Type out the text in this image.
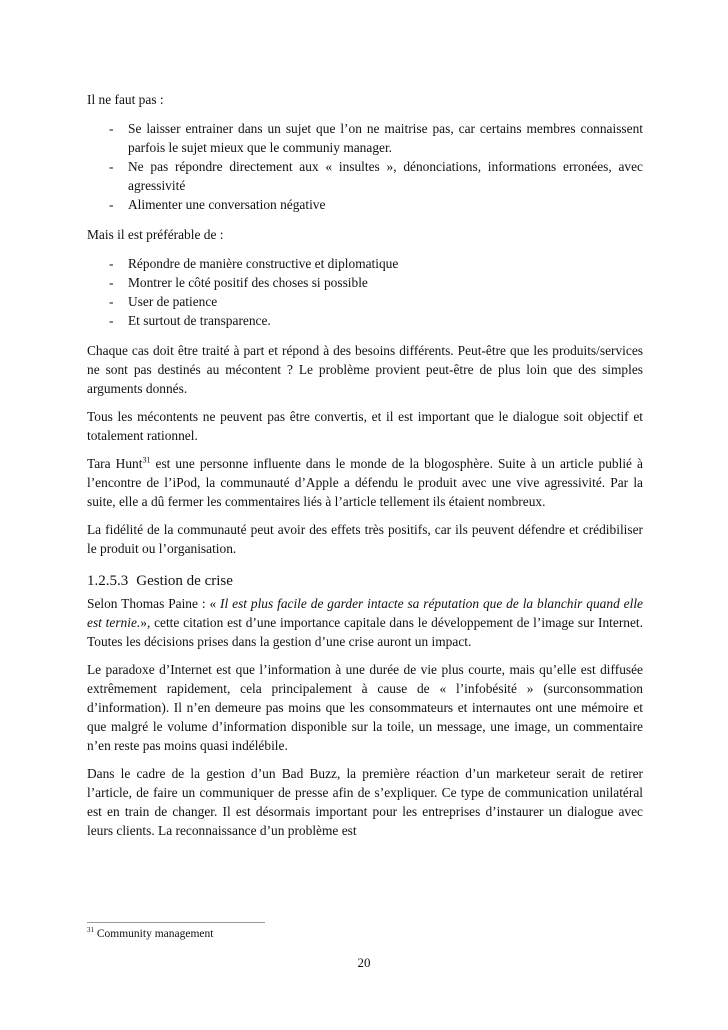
Il ne faut pas :

- Se laisser entrainer dans un sujet que l’on ne maitrise pas, car certains membres connaissent parfois le sujet mieux que le communiy manager.
- Ne pas répondre directement aux « insultes », dénonciations, informations erronées, avec agressivité
- Alimenter une conversation négative

Mais il est préférable de :

- Répondre de manière constructive et diplomatique
- Montrer le côté positif des choses si possible
- User de patience
- Et surtout de transparence.

Chaque cas doit être traité à part et répond à des besoins différents. Peut-être que les produits/services ne sont pas destinés au mécontent ? Le problème provient peut-être de plus loin que des simples arguments donnés.

Tous les mécontents ne peuvent pas être convertis, et il est important que le dialogue soit objectif et totalement rationnel.

Tara Hunt$^{31}$ est une personne influente dans le monde de la blogosphère. Suite à un article publié à l’encontre de l’iPod, la communauté d’Apple a défendu le produit avec une vive agressivité. Par la suite, elle a dû fermer les commentaires liés à l’article tellement ils étaient nombreux.

La fidélité de la communauté peut avoir des effets très positifs, car ils peuvent défendre et crédibiliser le produit ou l’organisation.

1.2.5.3 Gestion de crise

Selon Thomas Paine : « Il est plus facile de garder intacte sa réputation que de la blanchir quand elle est ternie.», cette citation est d’une importance capitale dans le développement de l’image sur Internet. Toutes les décisions prises dans la gestion d’une crise auront un impact.

Le paradoxe d’Internet est que l’information à une durée de vie plus courte, mais qu’elle est diffusée extrêmement rapidement, cela principalement à cause de « l’infobésité » (surconsommation d’information). Il n’en demeure pas moins que les consommateurs et internautes ont une mémoire et que malgré le volume d’information disponible sur la toile, un message, une image, un commentaire n’en reste pas moins quasi indélébile.

Dans le cadre de la gestion d’un Bad Buzz, la première réaction d’un marketeur serait de retirer l’article, de faire un communiquer de presse afin de s’expliquer. Ce type de communication unilatéral est en train de changer. Il est désormais important pour les entreprises d’instaurer un dialogue avec leurs clients. La reconnaissance d’un problème est

$^{31}$ Community management
20
